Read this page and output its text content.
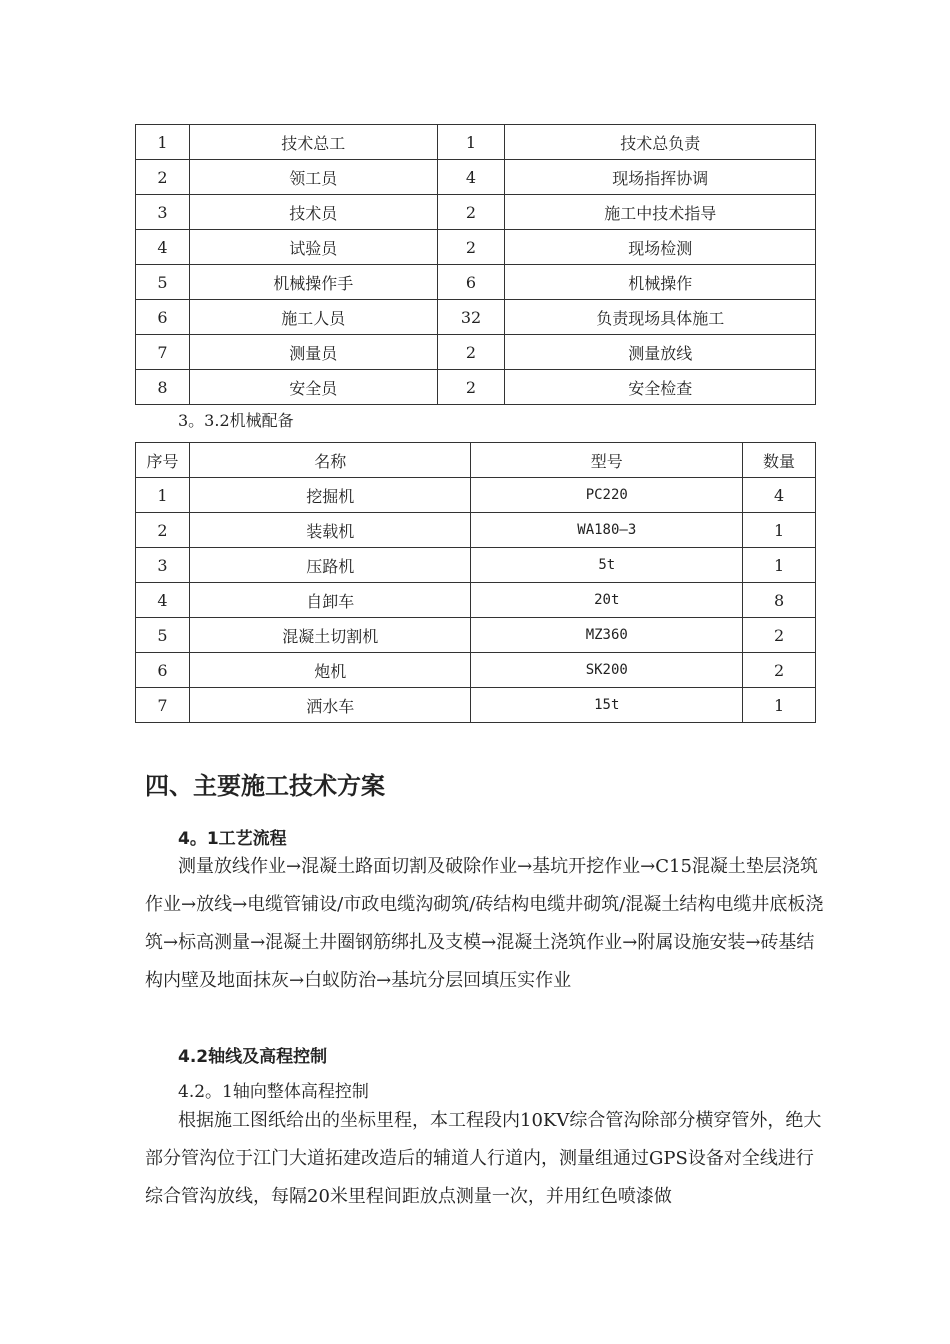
1	技术总工	1	技术总负责
2	领工员	4	现场指挥协调
3	技术员	2	施工中技术指导
4	试验员	2	现场检测
5	机械操作手	6	机械操作
6	施工人员	32	负责现场具体施工
7	测量员	2	测量放线
8	安全员	2	安全检查
3。3.2机械配备
序号	名称	型号	数量
1	挖掘机	PC220	4
2	装载机	WA180—3	1
3	压路机	5t	1
4	自卸车	20t	8
5	混凝土切割机	MZ360	2
6	炮机	SK200	2
7	洒水车	15t	1
四、主要施工技术方案
4。1工艺流程

测量放线作业→混凝土路面切割及破除作业→基坑开挖作业→C15混凝土垫层浇筑作业→放线→电缆管铺设/市政电缆沟砌筑/砖结构电缆井砌筑/混凝土结构电缆井底板浇筑→标高测量→混凝土井圈钢筋绑扎及支模→混凝土浇筑作业→附属设施安装→砖基结构内壁及地面抹灰→白蚁防治→基坑分层回填压实作业

4.2轴线及高程控制
4.2。1轴向整体高程控制

根据施工图纸给出的坐标里程，本工程段内10KV综合管沟除部分横穿管外，绝大部分管沟位于江门大道拓建改造后的辅道人行道内，测量组通过GPS设备对全线进行综合管沟放线，每隔20米里程间距放点测量一次，并用红色喷漆做
